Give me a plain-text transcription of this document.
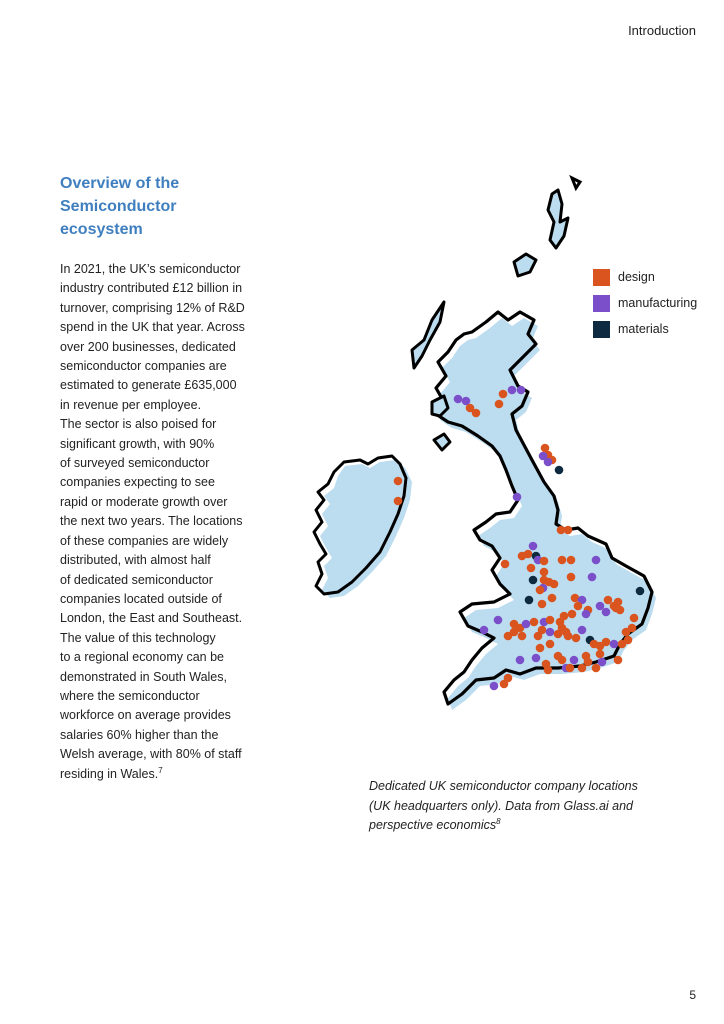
Introduction
Overview of the
Semiconductor
ecosystem

In 2021, the UK’s semiconductor
industry contributed £12 billion in
turnover, comprising 12% of R&D
spend in the UK that year. Across
over 200 businesses, dedicated
semiconductor companies are
estimated to generate £635,000
in revenue per employee.
The sector is also poised for
significant growth, with 90%
of surveyed semiconductor
companies expecting to see
rapid or moderate growth over
the next two years. The locations
of these companies are widely
distributed, with almost half
of dedicated semiconductor
companies located outside of
London, the East and Southeast.
The value of this technology
to a regional economy can be
demonstrated in South Wales,
where the semiconductor
workforce on average provides
salaries 60% higher than the
Welsh average, with 80% of staff
residing in Wales.$^7$

design
manufacturing
materials

Dedicated UK semiconductor company locations
(UK headquarters only). Data from Glass.ai and
perspective economics$^8$

5
